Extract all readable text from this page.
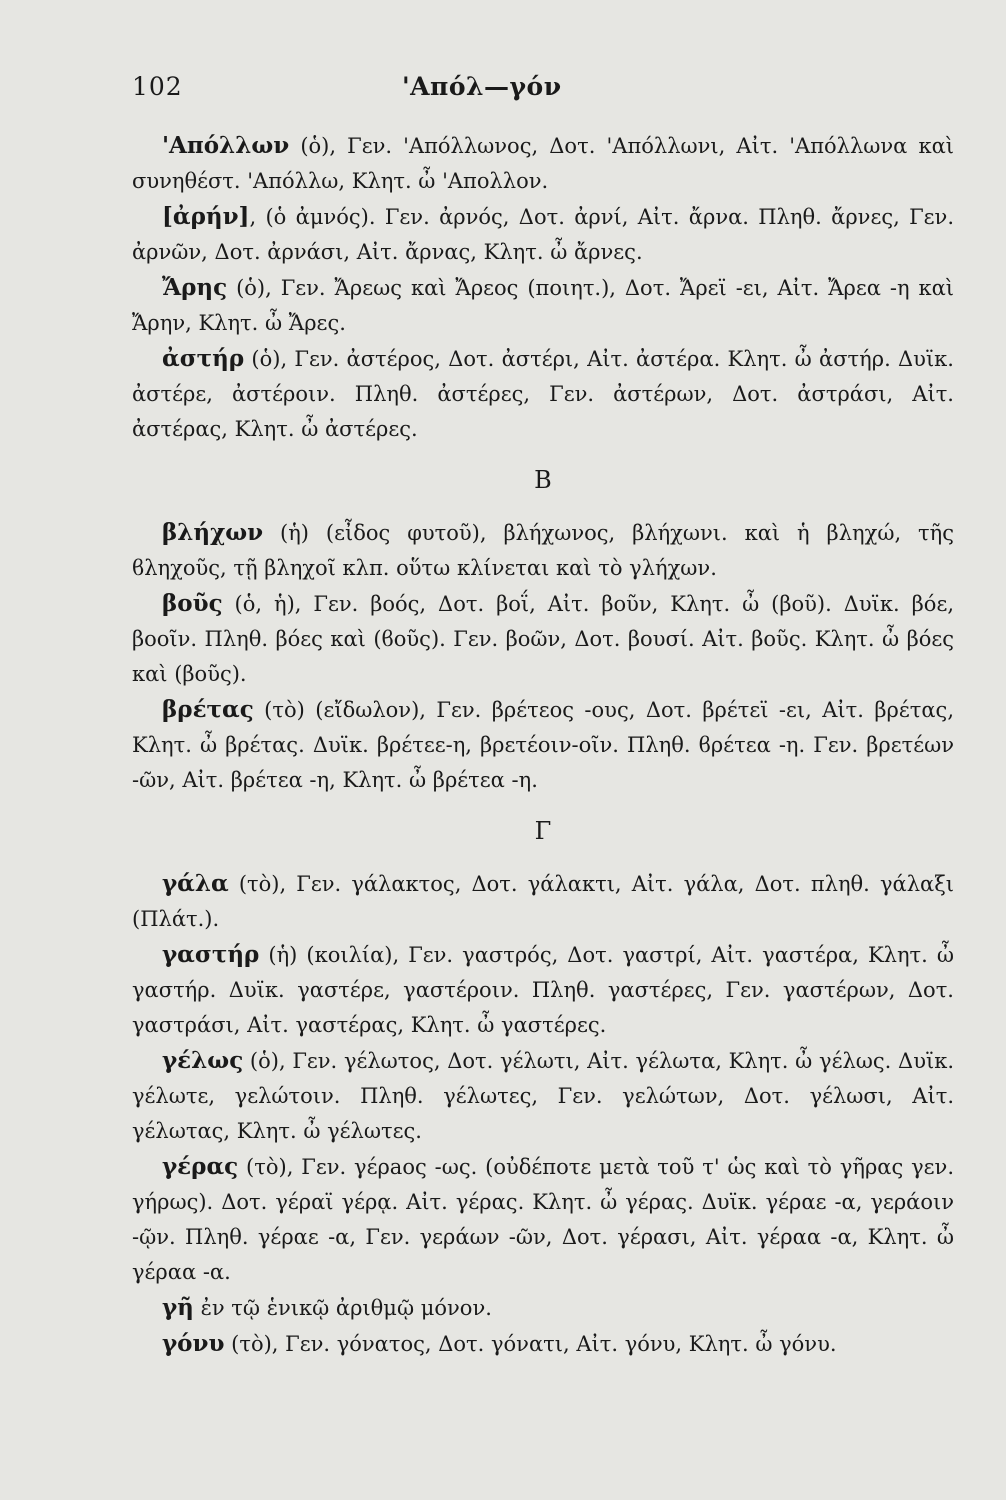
102	'Απόλ—γόν

'Απόλλων (ὁ), Γεν. 'Απόλλωνος, Δοτ. 'Απόλλωνι, Αἰτ. 'Απόλλωνα καὶ συνηθέστ. 'Απόλλω, Κλητ. ὦ 'Απολλον.

[ἀρήν], (ὁ ἀμνός). Γεν. ἀρνός, Δοτ. ἀρνί, Αἰτ. ἄρνα. Πληθ. ἄρνες, Γεν. ἀρνῶν, Δοτ. ἀρνάσι, Αἰτ. ἄρνας, Κλητ. ὦ ἄρνες.

Ἄρης (ὁ), Γεν. Ἄρεως καὶ Ἄρεος (ποιητ.), Δοτ. Ἄρεϊ -ει, Αἰτ. Ἄρεα -η καὶ Ἄρην, Κλητ. ὦ Ἄρες.

ἀστήρ (ὁ), Γεν. ἀστέρος, Δοτ. ἀστέρι, Αἰτ. ἀστέρα. Κλητ. ὦ ἀστήρ. Δυϊκ. ἀστέρε, ἀστέροιν. Πληθ. ἀστέρες, Γεν. ἀστέρων, Δοτ. ἀστράσι, Αἰτ. ἀστέρας, Κλητ. ὦ ἀστέρες.

Β

βλήχων (ἡ) (εἶδος φυτοῦ), βλήχωνος, βλήχωνι. καὶ ἡ βληχώ, τῆς ϐληχοῦς, τῇ βληχοῖ κλπ. οὕτω κλίνεται καὶ τὸ γλήχων.

βοῦς (ὁ, ἡ), Γεν. βοός, Δοτ. βοΐ, Αἰτ. βοῦν, Κλητ. ὦ (βοῦ). Δυϊκ. βόε, βοοῖν. Πληθ. βόες καὶ (ϐοῦς). Γεν. βοῶν, Δοτ. βουσί. Αἰτ. βοῦς. Κλητ. ὦ βόες καὶ (βοῦς).

βρέτας (τὸ) (εἴδωλον), Γεν. βρέτεος -ους, Δοτ. βρέτεϊ -ει, Αἰτ. βρέτας, Κλητ. ὦ βρέτας. Δυϊκ. βρέτεε-η, βρετέοιν-οῖν. Πληθ. ϐρέτεα -η. Γεν. βρετέων -ῶν, Αἰτ. βρέτεα -η, Κλητ. ὦ βρέτεα -η.

Γ

γάλα (τὸ), Γεν. γάλακτος, Δοτ. γάλακτι, Αἰτ. γάλα, Δοτ. πληθ. γάλαξι (Πλάτ.).

γαστήρ (ἡ) (κοιλία), Γεν. γαστρός, Δοτ. γαστρί, Αἰτ. γαστέρα, Κλητ. ὦ γαστήρ. Δυϊκ. γαστέρε, γαστέροιν. Πληθ. γαστέρες, Γεν. γαστέρων, Δοτ. γαστράσι, Αἰτ. γαστέρας, Κλητ. ὦ γαστέρες.

γέλως (ὁ), Γεν. γέλωτος, Δοτ. γέλωτι, Αἰτ. γέλωτα, Κλητ. ὦ γέλως. Δυϊκ. γέλωτε, γελώτοιν. Πληθ. γέλωτες, Γεν. γελώτων, Δοτ. γέλωσι, Αἰτ. γέλωτας, Κλητ. ὦ γέλωτες.

γέρας (τὸ), Γεν. γέρaος -ως. (οὐδέποτε μετὰ τοῦ τ' ὡς καὶ τὸ γῆρας γεν. γήρως). Δοτ. γέραϊ γέρᾳ. Αἰτ. γέρας. Κλητ. ὦ γέρας. Δυϊκ. γέραε -α, γεράοιν -ῷν. Πληθ. γέραε -α, Γεν. γεράων -ῶν, Δοτ. γέρασι, Αἰτ. γέραα -α, Κλητ. ὦ γέραα -α.

γῆ ἐν τῷ ἑνικῷ ἀριθμῷ μόνον.

γόνυ (τὸ), Γεν. γόνατος, Δοτ. γόνατι, Αἰτ. γόνυ, Κλητ. ὦ γόνυ.
